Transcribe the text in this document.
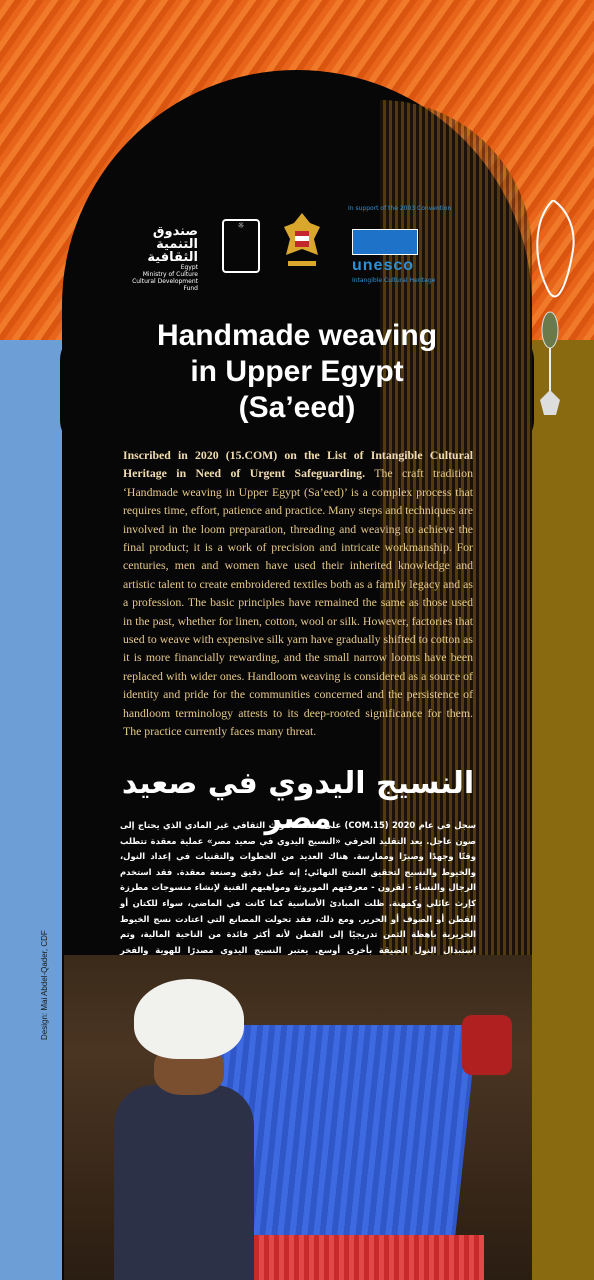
صندوق التنمية الثقافية
Egypt
Ministry of Culture
Cultural Development Fund
☼
In support of the 2003 Convention
unesco
Intangible Cultural Heritage
Handmade weaving
in Upper Egypt
(Sa’eed)
Inscribed in 2020 (15.COM) on the List of Intangible Cultural Heritage in Need of Urgent Safeguarding. The craft tradition ‘Handmade weaving in Upper Egypt (Sa’eed)’ is a complex process that requires time, effort, patience and practice. Many steps and techniques are involved in the loom preparation, threading and weaving to achieve the final product; it is a work of precision and intricate workmanship. For centuries, men and women have used their inherited knowledge and artistic talent to create embroidered textiles both as a family legacy and as a profession. The basic principles have remained the same as those used in the past, whether for linen, cotton, wool or silk. However, factories that used to weave with expensive silk yarn have gradually shifted to cotton as it is more financially rewarding, and the small narrow looms have been replaced with wider ones. Handloom weaving is considered as a source of identity and pride for the communities concerned and the persistence of handloom terminology attests to its deep-rooted significance for them. The practice currently faces many threat.
النسيج اليدوي في صعيد مصر	سجل في عام 2020 (COM.15) على قائمة التراث الثقافي غير المادي الذي يحتاج إلى صون عاجل. يعد التقليد الحرفي «النسيج اليدوي في صعيد مصر» عملية معقدة تتطلب وقتًا وجهدًا وصبرًا وممارسة. هناك العديد من الخطوات والتقنيات في إعداد النول، والخيوط والنسيج لتحقيق المنتج النهائي؛ إنه عمل دقيق وصنعة معقدة. فقد استخدم الرجال والنساء - لقرون - معرفتهم الموروثة ومواهبهم الفنية لإنشاء منسوجات مطرزة كإرث عائلي وكمهنة. ظلت المبادئ الأساسية كما كانت في الماضي، سواء للكتان أو القطن أو الصوف أو الحرير. ومع ذلك، فقد تحولت المصانع التي اعتادت نسج الخيوط الحريرية باهظة الثمن تدريجيًا إلى القطن لأنه أكثر فائدة من الناحية المالية، وتم استبدال النول الضيقة بأخرى أوسع. يعتبر النسيج اليدوي مصدرًا للهوية والفخر
Design: Mai Abdel-Qader, CDF
